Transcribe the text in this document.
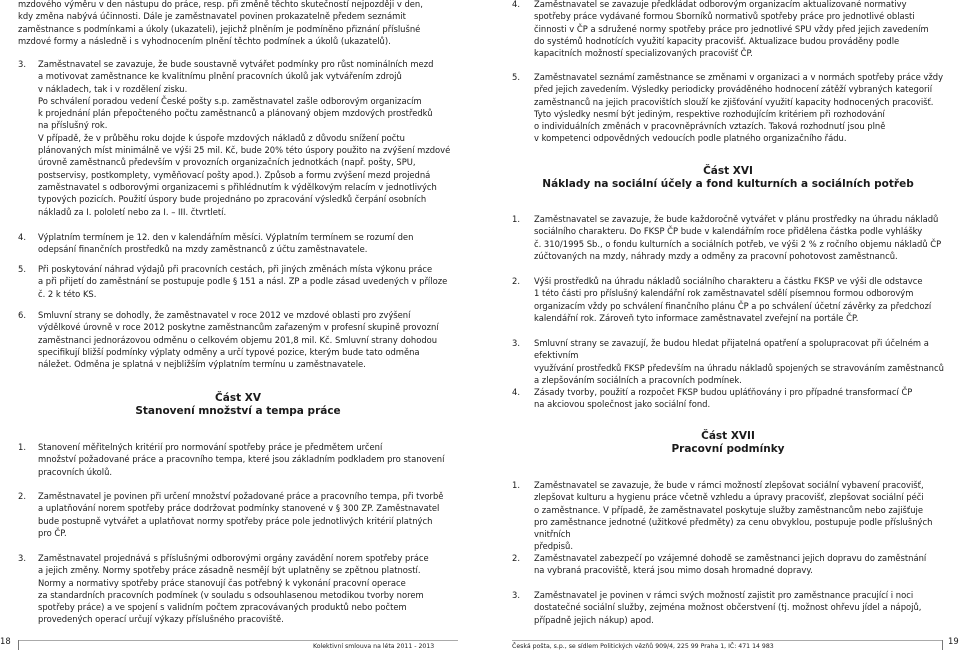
mzdového výměru v den nástupu do práce, resp. při změně těchto skutečností nejpozději v den,
kdy změna nabývá účinnosti. Dále je zaměstnavatel povinen prokazatelně předem seznámit
zaměstnance s podmínkami a úkoly (ukazateli), jejichž plněním je podmíněno přiznání příslušné
mzdové formy a následně i s vyhodnocením plnění těchto podmínek a úkolů (ukazatelů).
3. Zaměstnavatel se zavazuje, že bude soustavně vytvářet podmínky pro růst nominálních mezd
a motivovat zaměstnance ke kvalitnímu plnění pracovních úkolů jak vytvářením zdrojů
v nákladech, tak i v rozdělení zisku.
Po schválení poradou vedení České pošty s.p. zaměstnavatel zašle odborovým organizacím
k projednání plán přepočteného počtu zaměstnanců a plánovaný objem mzdových prostředků
na příslušný rok.
V případě, že v průběhu roku dojde k úspoře mzdových nákladů z důvodu snížení počtu
plánovaných míst minimálně ve výši 25 mil. Kč, bude 20% této úspory použito na zvýšení mzdové
úrovně zaměstnanců především v provozních organizačních jednotkách (např. pošty, SPU,
postservisy, postkomplety, vyměňovací pošty apod.). Způsob a formu zvýšení mezd projedná
zaměstnavatel s odborovými organizacemi s přihlédnutím k výdělkovým relacím v jednotlivých
typových pozicích. Použití úspory bude projednáno po zpracování výsledků čerpání osobních
nákladů za I. pololetí nebo za I. – III. čtvrtletí.
4. Výplatním termínem je 12. den v kalendářním měsíci. Výplatním termínem se rozumí den
odepsání finančních prostředků na mzdy zaměstnanců z účtu zaměstnavatele.
5. Při poskytování náhrad výdajů při pracovních cestách, při jiných změnách místa výkonu práce
a při přijetí do zaměstnání se postupuje podle § 151 a násl. ZP a podle zásad uvedených v příloze
č. 2 k této KS.
6. Smluvní strany se dohodly, že zaměstnavatel v roce 2012 ve mzdové oblasti pro zvýšení
výdělkové úrovně v roce 2012 poskytne zaměstnancům zařazeným v profesní skupině provozní
zaměstnanci jednorázovou odměnu o celkovém objemu 201,8 mil. Kč. Smluvní strany dohodou
specifikují bližší podmínky výplaty odměny a určí typové pozice, kterým bude tato odměna
náležet. Odměna je splatná v nejbližším výplatním termínu u zaměstnavatele.
Část XV
Stanovení množství a tempa práce
1. Stanovení měřitelných kritérií pro normování spotřeby práce je předmětem určení
množství požadované práce a pracovního tempa, které jsou základním podkladem pro stanovení
pracovních úkolů.
2. Zaměstnavatel je povinen při určení množství požadované práce a pracovního tempa, při tvorbě
a uplatňování norem spotřeby práce dodržovat podmínky stanovené v § 300 ZP. Zaměstnavatel
bude postupně vytvářet a uplatňovat normy spotřeby práce pole jednotlivých kritérií platných
pro ČP.
3. Zaměstnavatel projednává s příslušnými odborovými orgány zavádění norem spotřeby práce
a jejich změny. Normy spotřeby práce zásadně nesmějí být uplatněny se zpětnou platností.
Normy a normativy spotřeby práce stanovují čas potřebný k vykonání pracovní operace
za standardních pracovních podmínek (v souladu s odsouhlasenou metodikou tvorby norem
spotřeby práce) a ve spojení s validním počtem zpracovávaných produktů nebo počtem
provedených operací určují výkazy příslušného pracoviště.
4. Zaměstnavatel se zavazuje předkládat odborovým organizacím aktualizované normativy
spotřeby práce vydávané formou Sborníků normativů spotřeby práce pro jednotlivé oblasti
činnosti v ČP a sdružené normy spotřeby práce pro jednotlivé SPU vždy před jejich zavedením
do systémů hodnotících využití kapacity pracovišť. Aktualizace budou prováděny podle
kapacitních možností specializovaných pracovišť ČP.
5. Zaměstnavatel seznámí zaměstnance se změnami v organizaci a v normách spotřeby práce vždy
před jejich zavedením. Výsledky periodicky prováděného hodnocení zátěží vybraných kategorií
zaměstnanců na jejich pracovištích slouží ke zjišťování využití kapacity hodnocených pracovišť.
Tyto výsledky nesmí být jediným, respektive rozhodujícím kritériem při rozhodování
o individuálních změnách v pracovněprávních vztazích. Taková rozhodnutí jsou plně
v kompetenci odpovědných vedoucích podle platného organizačního řádu.
Část XVI
Náklady na sociální účely a fond kulturních a sociálních potřeb
1. Zaměstnavatel se zavazuje, že bude každoročně vytvářet v plánu prostředky na úhradu nákladů
sociálního charakteru. Do FKSP ČP bude v kalendářním roce přidělena částka podle vyhlášky
č. 310/1995 Sb., o fondu kulturních a sociálních potřeb, ve výši 2 % z ročního objemu nákladů ČP
zúčtovaných na mzdy, náhrady mzdy a odměny za pracovní pohotovost zaměstnanců.
2. Výši prostředků na úhradu nákladů sociálního charakteru a částku FKSP ve výši dle odstavce
1 této části pro příslušný kalendářní rok zaměstnavatel sdělí písemnou formou odborovým
organizacím vždy po schválení finančního plánu ČP a po schválení účetní závěrky za předchozí
kalendářní rok. Zároveň tyto informace zaměstnavatel zveřejní na portále ČP.
3. Smluvní strany se zavazují, že budou hledat přijatelná opatření a spolupracovat při účelném a efektivním
využívání prostředků FKSP především na úhradu nákladů spojených se stravováním zaměstnanců
a zlepšováním sociálních a pracovních podmínek.
4. Zásady tvorby, použití a rozpočet FKSP budou upláťňovány i pro případné transformací ČP
na akciovou společnost jako sociální fond.
Část XVII
Pracovní podmínky
1. Zaměstnavatel se zavazuje, že bude v rámci možností zlepšovat sociální vybavení pracovišť,
zlepšovat kulturu a hygienu práce včetně vzhledu a úpravy pracovišť, zlepšovat sociální péči
o zaměstnance. V případě, že zaměstnavatel poskytuje služby zaměstnancům nebo zajišťuje
pro zaměstnance jednotné (užitkové předměty) za cenu obvyklou, postupuje podle příslušných vnitřních
předpisů.
2. Zaměstnavatel zabezpečí po vzájemné dohodě se zaměstnanci jejich dopravu do zaměstnání
na vybraná pracoviště, která jsou mimo dosah hromadné dopravy.
3. Zaměstnavatel je povinen v rámci svých možností zajistit pro zaměstnance pracující i noci
dostatečné sociální služby, zejména možnost občerstvení (tj. možnost ohřevu jídel a nápojů,
případně jejich nákup) apod.
18
Kolektivní smlouva na léta 2011 - 2013	Česká pošta, s.p., se sídlem Politických vězňů 909/4, 225 99 Praha 1, IČ: 471 14 983
19
